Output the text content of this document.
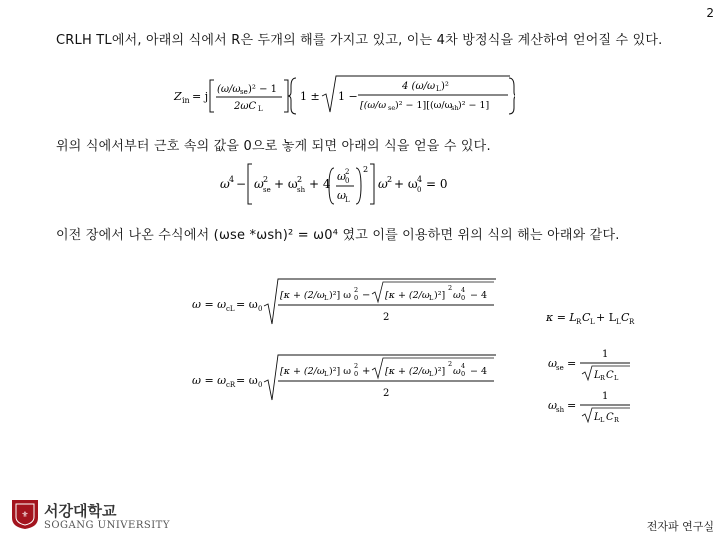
2
CRLH TL에서, 아래의 식에서 R은 두개의 해를 가지고 있고, 이는 4차 방정식을 계산하여 얻어질 수 있다.
Z in = j
(ω/ω se )² − 1
2ωC L
1 ± 1 −
4 (ω/ω L )²
[(ω/ω se )² − 1][(ω/ω
sh )² − 1]
위의 식에서부터 근호 속의 값을 0으로 놓게 되면 아래의 식을 얻을 수 있다.
ω 4 − ω 2
se + ω 2
sh + 4
ω 2
0
ω L
2
ω 2 + ω 4
0 = 0
이전 장에서 나온 수식에서 (ωse *ωsh)² = ω0⁴ 였고 이를 이용하면 위의 식의 해는 아래와 같다.
ω = ω cL = ω 0
[κ + (2/ω L )²] ω 2
0 − [κ + (2/ω L )²]
2
ω 4
0 − 4
2
ω = ω cR = ω 0
[κ + (2/ω L )²] ω 2
0 + [κ + (2/ω L )²]
2
ω 4
0 − 4
2
κ = L R C L + L L C R
ω se =
1
L R C L
ω sh =
1
L L C R
⚜ 서강대학교
SOGANG UNIVERSITY	전자파 연구실
